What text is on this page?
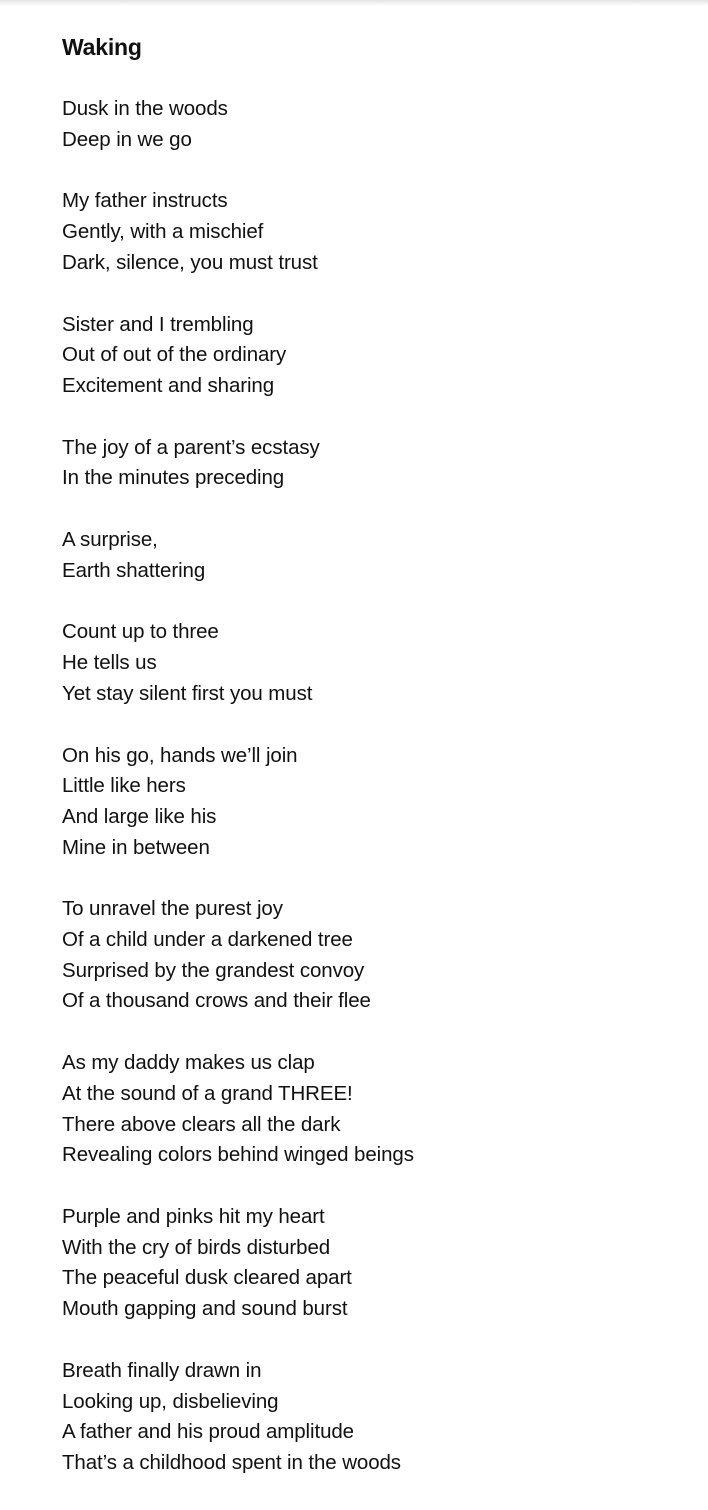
Waking
Dusk in the woods
Deep in we go
My father instructs
Gently, with a mischief
Dark, silence, you must trust
Sister and I trembling
Out of out of the ordinary
Excitement and sharing
The joy of a parent’s ecstasy
In the minutes preceding
A surprise,
Earth shattering
Count up to three
He tells us
Yet stay silent first you must
On his go, hands we’ll join
Little like hers
And large like his
Mine in between
To unravel the purest joy
Of a child under a darkened tree
Surprised by the grandest convoy
Of a thousand crows and their flee
As my daddy makes us clap
At the sound of a grand THREE!
There above clears all the dark
Revealing colors behind winged beings
Purple and pinks hit my heart
With the cry of birds disturbed
The peaceful dusk cleared apart
Mouth gapping and sound burst
Breath finally drawn in
Looking up, disbelieving
A father and his proud amplitude
That’s a childhood spent in the woods
